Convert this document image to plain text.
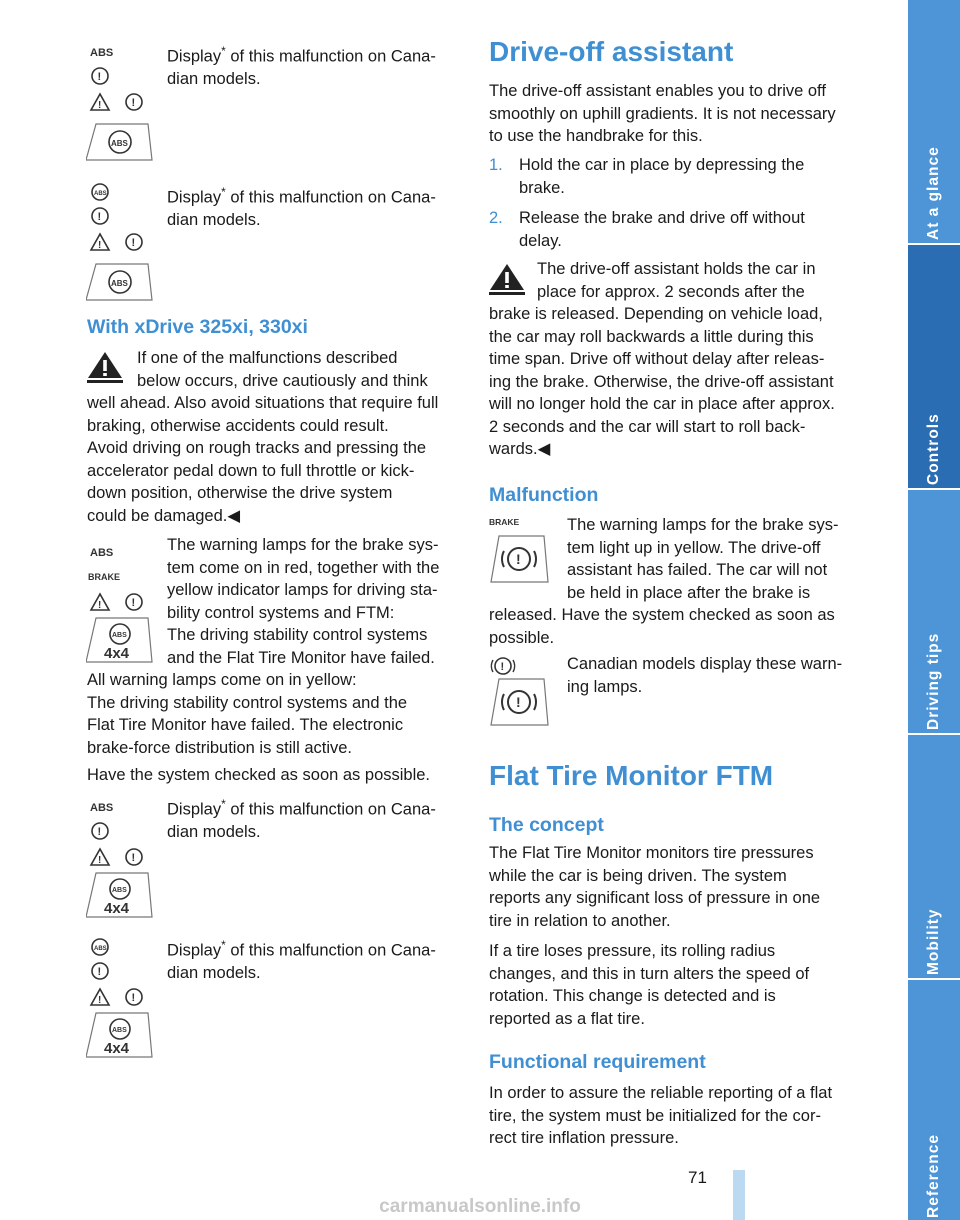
At a glance
Controls
Driving tips
Mobility
Reference
ABS
!
!	!
ABS
Display* of this malfunction on Cana-
dian models.
ABS
!
!	!
ABS
Display* of this malfunction on Cana-
dian models.
With xDrive 325xi, 330xi
If one of the malfunctions described
below occurs, drive cautiously and think
well ahead. Also avoid situations that require full
braking, otherwise accidents could result.
Avoid driving on rough tracks and pressing the
accelerator pedal down to full throttle or kick-
down position, otherwise the drive system
could be damaged.◀
ABS
BRAKE
!	!
ABS
4x4
The warning lamps for the brake sys-
tem come on in red, together with the
yellow indicator lamps for driving sta-
bility control systems and FTM:
The driving stability control systems
and the Flat Tire Monitor have failed.
All warning lamps come on in yellow:
The driving stability control systems and the
Flat Tire Monitor have failed. The electronic
brake-force distribution is still active.
Have the system checked as soon as possible.
ABS
!
!	!
ABS
4x4
Display* of this malfunction on Cana-
dian models.
ABS
!
!	!
ABS
4x4
Display* of this malfunction on Cana-
dian models.
Drive-off assistant
The drive-off assistant enables you to drive off
smoothly on uphill gradients. It is not necessary
to use the handbrake for this.
1. Hold the car in place by depressing the
brake.
2. Release the brake and drive off without
delay.
The drive-off assistant holds the car in
place for approx. 2 seconds after the
brake is released. Depending on vehicle load,
the car may roll backwards a little during this
time span. Drive off without delay after releas-
ing the brake. Otherwise, the drive-off assistant
will no longer hold the car in place after approx.
2 seconds and the car will start to roll back-
wards.◀
Malfunction
BRAKE
!
The warning lamps for the brake sys-
tem light up in yellow. The drive-off
assistant has failed. The car will not
be held in place after the brake is
released. Have the system checked as soon as
possible.
!
!
Canadian models display these warn-
ing lamps.
Flat Tire Monitor FTM
The concept
The Flat Tire Monitor monitors tire pressures
while the car is being driven. The system
reports any significant loss of pressure in one
tire in relation to another.
If a tire loses pressure, its rolling radius
changes, and this in turn alters the speed of
rotation. This change is detected and is
reported as a flat tire.
Functional requirement
In order to assure the reliable reporting of a flat
tire, the system must be initialized for the cor-
rect tire inflation pressure.
71
carmanualsonline.info
